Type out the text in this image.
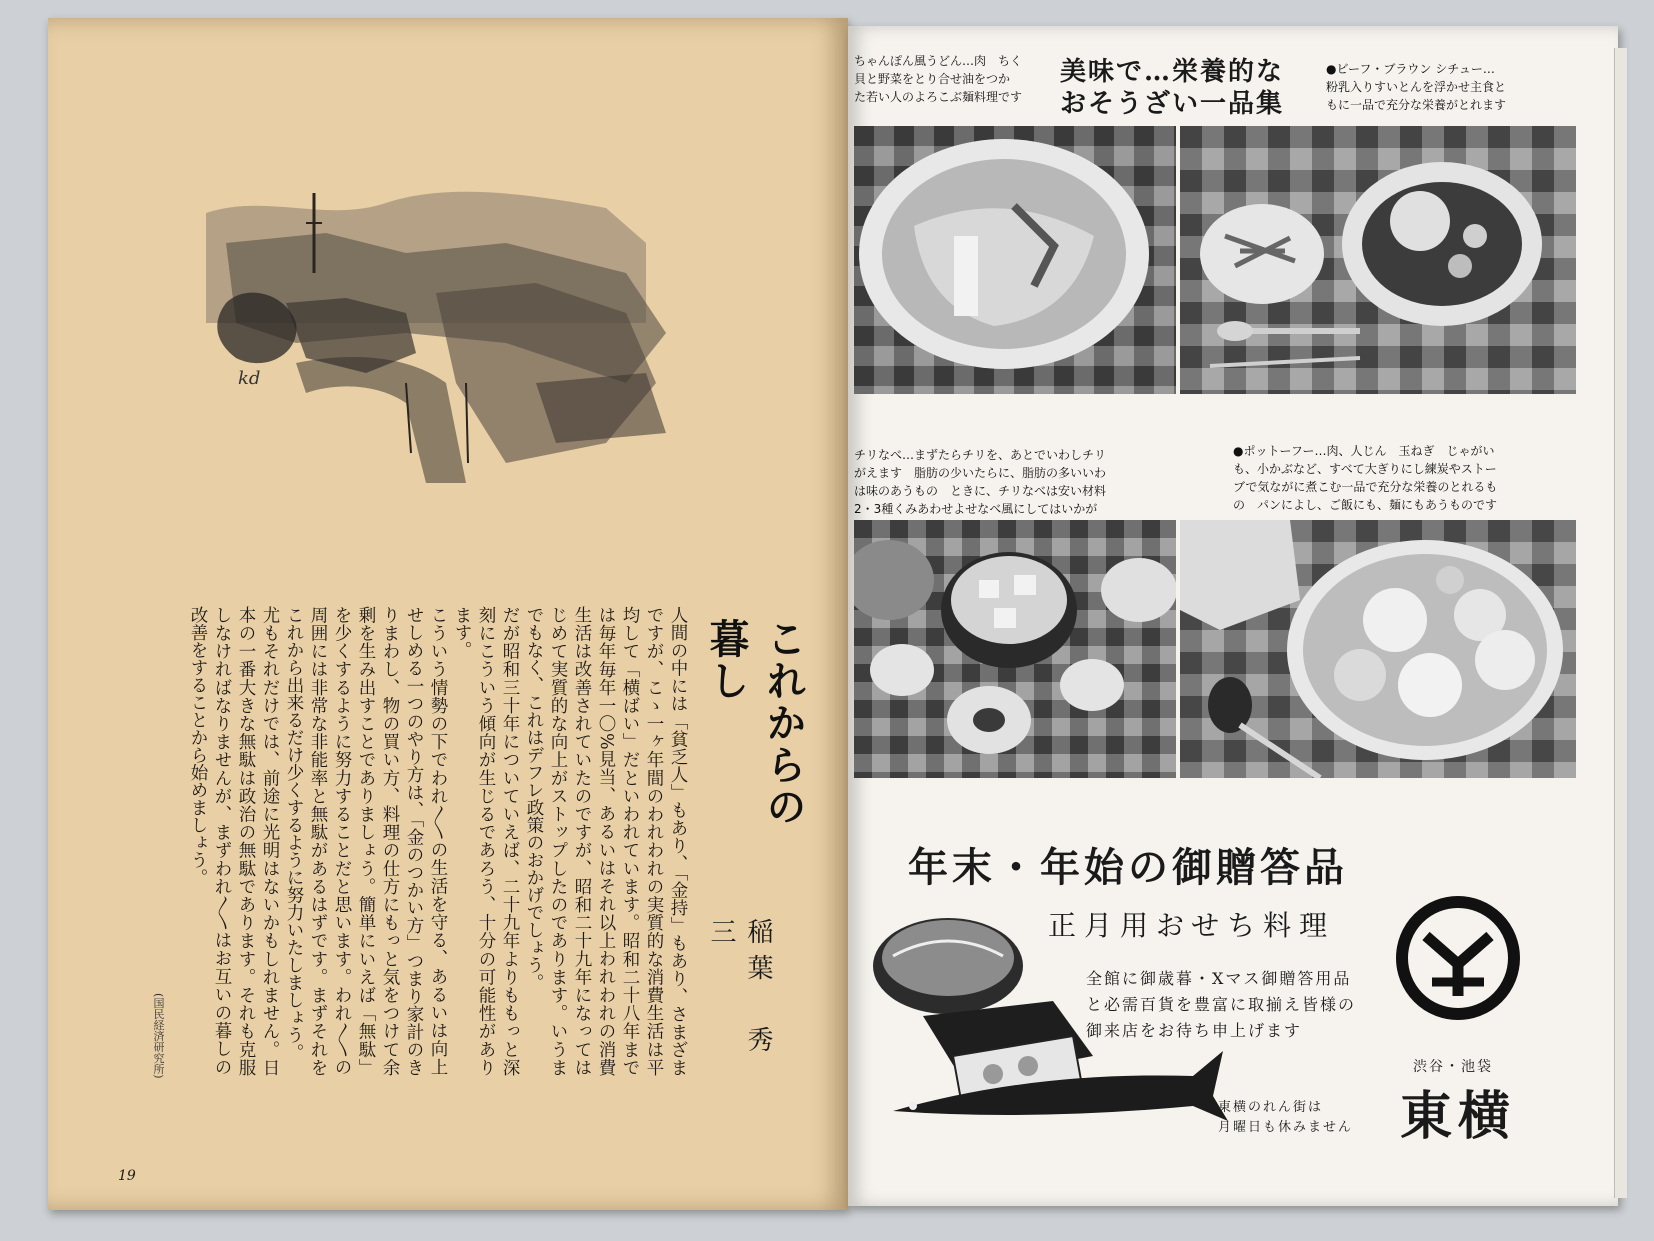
kd
これからの暮し
稲葉　秀三

人間の中には「貧乏人」もあり、「金持」もあり、さまざまですが、こゝ一ヶ年間のわれわれの実質的な消費生活は平均して「横ばい」だといわれています。昭和二十八年までは毎年毎年一〇%見当、あるいはそれ以上われわれの消費生活は改善されていたのですが、昭和二十九年になってはじめて実質的な向上がストップしたのであります。いうまでもなく、これはデフレ政策のおかげでしょう。

だが昭和三十年についていえば、二十九年よりももっと深刻にこういう傾向が生じるであろう、十分の可能性があります。

こういう情勢の下でわれ〳〵の生活を守る、あるいは向上せしめる一つのやり方は、「金のつかい方」つまり家計のきりまわし、物の買い方、料理の仕方にもっと気をつけて余剰を生み出すことでありましょう。簡単にいえば「無駄」を少くするように努力することだと思います。われ〳〵の周囲には非常な非能率と無駄があるはずです。まずそれをこれから出来るだけ少くするように努力いたしましょう。

尤もそれだけでは、前途に光明はないかもしれません。日本の一番大きな無駄は政治の無駄であります。それも克服しなければなりませんが、まずわれ〳〵はお互いの暮しの改善をすることから始めましょう。

(国民経済研究所)
19
ちゃんぽん風うどん…肉　ちく
貝と野菜をとり合せ油をつか
た若い人のよろこぶ麺料理です
美味で…栄養的な
おそうざい一品集
●ビーフ・ブラウン シチュー…
粉乳入りすいとんを浮かせ主食と
もに一品で充分な栄養がとれます
チリなべ…まずたらチリを、あとでいわしチリ
がえます　脂肪の少いたらに、脂肪の多いいわ
は味のあうもの　ときに、チリなべは安い材料
2・3種くみあわせよせなべ風にしてはいかが
●ポットーフー…肉、人じん　玉ねぎ　じゃがい
も、小かぶなど、すべて大ぎりにし練炭やストー
ブで気ながに煮こむ一品で充分な栄養のとれるも
の　パンによし、ご飯にも、麺にもあうものです
年末・年始の御贈答品
正月用おせち料理
全館に御歳暮・Xマス御贈答用品
と必需百貨を豊富に取揃え皆様の
御来店をお待ち申上げます
渋谷・池袋
東横
東横のれん街は
月曜日も休みません
